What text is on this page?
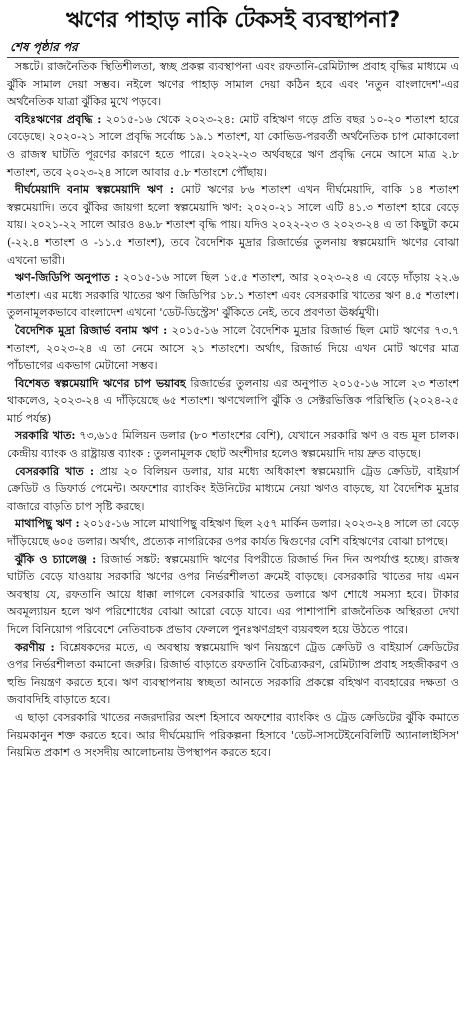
ঋণের পাহাড় নাকি টেকসই ব্যবস্থাপনা?
শেষ পৃষ্ঠার পর

সঙ্কটে। রাজনৈতিক স্থিতিশীলতা, স্বচ্ছ প্রকল্প ব্যবস্থাপনা এবং রফতানি-রেমিট্যান্স প্রবাহ বৃদ্ধির মাধ্যমে এ ঝুঁকি সামাল দেয়া সম্ভব। নইলে ঋণের পাহাড় সামাল দেয়া কঠিন হবে এবং 'নতুন বাংলাদেশ'-এর অর্থনৈতিক যাত্রা ঝুঁকির মুখে পড়বে।

বহিঃঋণের প্রবৃদ্ধি : ২০১৫-১৬ থেকে ২০২৩-২৪: মোট বহিঋণ গড়ে প্রতি বছর ১০-২০ শতাংশ হারে বেড়েছে। ২০২০-২১ সালে প্রবৃদ্ধি সর্বোচ্চ ১৯.১ শতাংশ, যা কোভিড-পরবর্তী অর্থনৈতিক চাপ মোকাবেলা ও রাজস্ব ঘাটতি পূরণের কারণে হতে পারে। ২০২২-২৩ অর্থবছরে ঋণ প্রবৃদ্ধি নেমে আসে মাত্র ২.৮ শতাংশ, তবে ২০২৩-২৪ সালে আবার ৫.৮ শতাংশে পৌঁছায়।

দীর্ঘমেয়াদি বনাম স্বল্পমেয়াদি ঋণ : মোট ঋণের ৮৬ শতাংশ এখন দীর্ঘমেয়াদি, বাকি ১৪ শতাংশ স্বল্পমেয়াদি। তবে ঝুঁকির জায়গা হলো স্বল্পমেয়াদি ঋণ: ২০২০-২১ সালে এটি ৪১.৩ শতাংশ হারে বেড়ে যায়। ২০২১-২২ সালে আরও ৪৬.৮ শতাংশ বৃদ্ধি পায়। যদিও ২০২২-২৩ ও ২০২৩-২৪ এ তা কিছুটা কমে (-২২.৪ শতাংশ ও -১১.৫ শতাংশ), তবে বৈদেশিক মুদ্রার রিজার্ভের তুলনায় স্বল্পমেয়াদি ঋণের বোঝা এখনো ভারী।

ঋণ-জিডিপি অনুপাত : ২০১৫-১৬ সালে ছিল ১৫.৫ শতাংশ, আর ২০২৩-২৪ এ বেড়ে দাঁড়ায় ২২.৬ শতাংশ। এর মধ্যে সরকারি খাতের ঋণ জিডিপির ১৮.১ শতাংশ এবং বেসরকারি খাতের ঋণ ৪.৫ শতাংশ। তুলনামূলকভাবে বাংলাদেশ এখনো 'ডেট-ডিস্ট্রেস' ঝুঁকিতে নেই, তবে প্রবণতা ঊর্ধ্বমুখী।

বৈদেশিক মুদ্রা রিজার্ভ বনাম ঋণ : ২০১৫-১৬ সালে বৈদেশিক মুদ্রার রিজার্ভ ছিল মোট ঋণের ৭৩.৭ শতাংশ, ২০২৩-২৪ এ তা নেমে আসে ২১ শতাংশে। অর্থাৎ, রিজার্ভ দিয়ে এখন মোট ঋণের মাত্র পাঁচভাগের একভাগ মেটানো সম্ভব।

বিশেষত স্বল্পমেয়াদি ঋণের চাপ ভয়াবহ রিজার্ভের তুলনায় এর অনুপাত ২০১৫-১৬ সালে ২৩ শতাংশ থাকলেও, ২০২৩-২৪ এ দাঁড়িয়েছে ৬৫ শতাংশ। ঋণখেলাপি ঝুঁকি ও সেক্টরভিত্তিক পরিস্থিতি (২০২৪-২৫ মার্চ পর্যন্ত)

সরকারি খাত: ৭৩,৬১৫ মিলিয়ন ডলার (৮০ শতাংশের বেশি), যেখানে সরকারি ঋণ ও বন্ড মূল চালক। কেন্দ্রীয় ব্যাংক ও রাষ্ট্রায়ত্ত ব্যাংক : তুলনামূলক ছোট অংশীদার হলেও স্বল্পমেয়াদি দায় দ্রুত বাড়ছে।

বেসরকারি খাত : প্রায় ২০ বিলিয়ন ডলার, যার মধ্যে অধিকাংশ স্বল্পমেয়াদি ট্রেড ক্রেডিট, বাইয়ার্স ক্রেডিট ও ডিফার্ড পেমেন্ট। অফশোর ব্যাংকিং ইউনিটের মাধ্যমে নেয়া ঋণও বাড়ছে, যা বৈদেশিক মুদ্রার বাজারে বাড়তি চাপ সৃষ্টি করছে।

মাথাপিছু ঋণ : ২০১৫-১৬ সালে মাথাপিছু বহিঋণ ছিল ২৫৭ মার্কিন ডলার। ২০২৩-২৪ সালে তা বেড়ে দাঁড়িয়েছে ৬০৫ ডলার। অর্থাৎ, প্রত্যেক নাগরিকের ওপর কার্যত দ্বিগুণের বেশি বহিঋণের বোঝা চাপছে।

ঝুঁকি ও চ্যালেঞ্জ : রিজার্ভ সঙ্কট: স্বল্পমেয়াদি ঋণের বিপরীতে রিজার্ভ দিন দিন অপর্যাপ্ত হচ্ছে। রাজস্ব ঘাটতি বেড়ে যাওয়ায় সরকারি ঋণের ওপর নির্ভরশীলতা ক্রমেই বাড়ছে। বেসরকারি খাতের দায় এমন অবস্থায় যে, রফতানি আয়ে ধাক্কা লাগলে বেসরকারি খাতের ডলারে ঋণ শোধে সমস্যা হবে। টাকার অবমূল্যায়ন হলে ঋণ পরিশোধের বোঝা আরো বেড়ে যাবে। এর পাশাপাশি রাজনৈতিক অস্থিরতা দেখা দিলে বিনিয়োগ পরিবেশে নেতিবাচক প্রভাব ফেললে পুনঃঋণগ্রহণ ব্যয়বহুল হয়ে উঠতে পারে।

করণীয় : বিশ্লেষকদের মতে, এ অবস্থায় স্বল্পমেয়াদি ঋণ নিয়ন্ত্রণে ট্রেড ক্রেডিট ও বাইয়ার্স ক্রেডিটের ওপর নির্ভরশীলতা কমানো জরুরি। রিজার্ভ বাড়াতে রফতানি বৈচিত্র্যকরণ, রেমিট্যান্স প্রবাহ সহজীকরণ ও হুন্ডি নিয়ন্ত্রণ করতে হবে। ঋণ ব্যবস্থাপনায় স্বচ্ছতা আনতে সরকারি প্রকল্পে বহিঋণ ব্যবহারের দক্ষতা ও জবাবদিহি বাড়াতে হবে।

এ ছাড়া বেসরকারি খাতের নজরদারির অংশ হিসাবে অফশোর ব্যাংকিং ও ট্রেড ক্রেডিটের ঝুঁকি কমাতে নিয়মকানুন শক্ত করতে হবে। আর দীর্ঘমেয়াদি পরিকল্পনা হিসাবে 'ডেট-সাসটেইনেবিলিটি অ্যানালাইসিস' নিয়মিত প্রকাশ ও সংসদীয় আলোচনায় উপস্থাপন করতে হবে।
